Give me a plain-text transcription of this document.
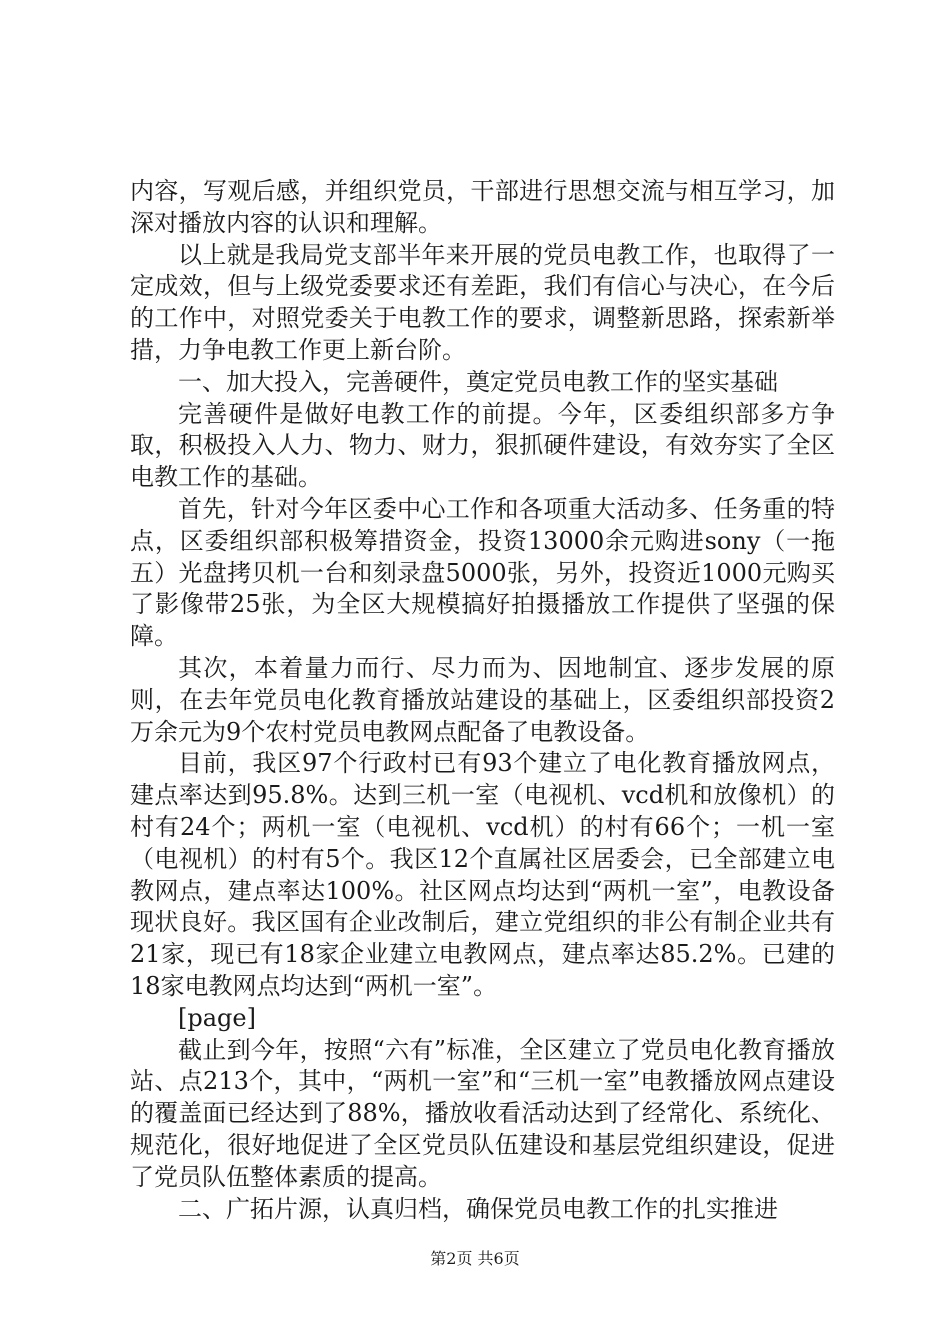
内容，写观后感，并组织党员，干部进行思想交流与相互学习，加深对播放内容的认识和理解。

以上就是我局党支部半年来开展的党员电教工作，也取得了一定成效，但与上级党委要求还有差距，我们有信心与决心，在今后的工作中，对照党委关于电教工作的要求，调整新思路，探索新举措，力争电教工作更上新台阶。

一、加大投入，完善硬件，奠定党员电教工作的坚实基础

完善硬件是做好电教工作的前提。今年，区委组织部多方争取，积极投入人力、物力、财力，狠抓硬件建设，有效夯实了全区电教工作的基础。

首先，针对今年区委中心工作和各项重大活动多、任务重的特点，区委组织部积极筹措资金，投资13000余元购进sony（一拖五）光盘拷贝机一台和刻录盘5000张，另外，投资近1000元购买了影像带25张，为全区大规模搞好拍摄播放工作提供了坚强的保障。

其次，本着量力而行、尽力而为、因地制宜、逐步发展的原则，在去年党员电化教育播放站建设的基础上，区委组织部投资2万余元为9个农村党员电教网点配备了电教设备。

目前，我区97个行政村已有93个建立了电化教育播放网点，建点率达到95.8%。达到三机一室（电视机、vcd机和放像机）的村有24个；两机一室（电视机、vcd机）的村有66个；一机一室（电视机）的村有5个。我区12个直属社区居委会，已全部建立电教网点，建点率达100%。社区网点均达到“两机一室”，电教设备现状良好。我区国有企业改制后，建立党组织的非公有制企业共有21家，现已有18家企业建立电教网点，建点率达85.2%。已建的18家电教网点均达到“两机一室”。

[page]

截止到今年，按照“六有”标准，全区建立了党员电化教育播放站、点213个，其中，“两机一室”和“三机一室”电教播放网点建设的覆盖面已经达到了88%，播放收看活动达到了经常化、系统化、规范化，很好地促进了全区党员队伍建设和基层党组织建设，促进了党员队伍整体素质的提高。

二、广拓片源，认真归档，确保党员电教工作的扎实推进

第2页 共6页
